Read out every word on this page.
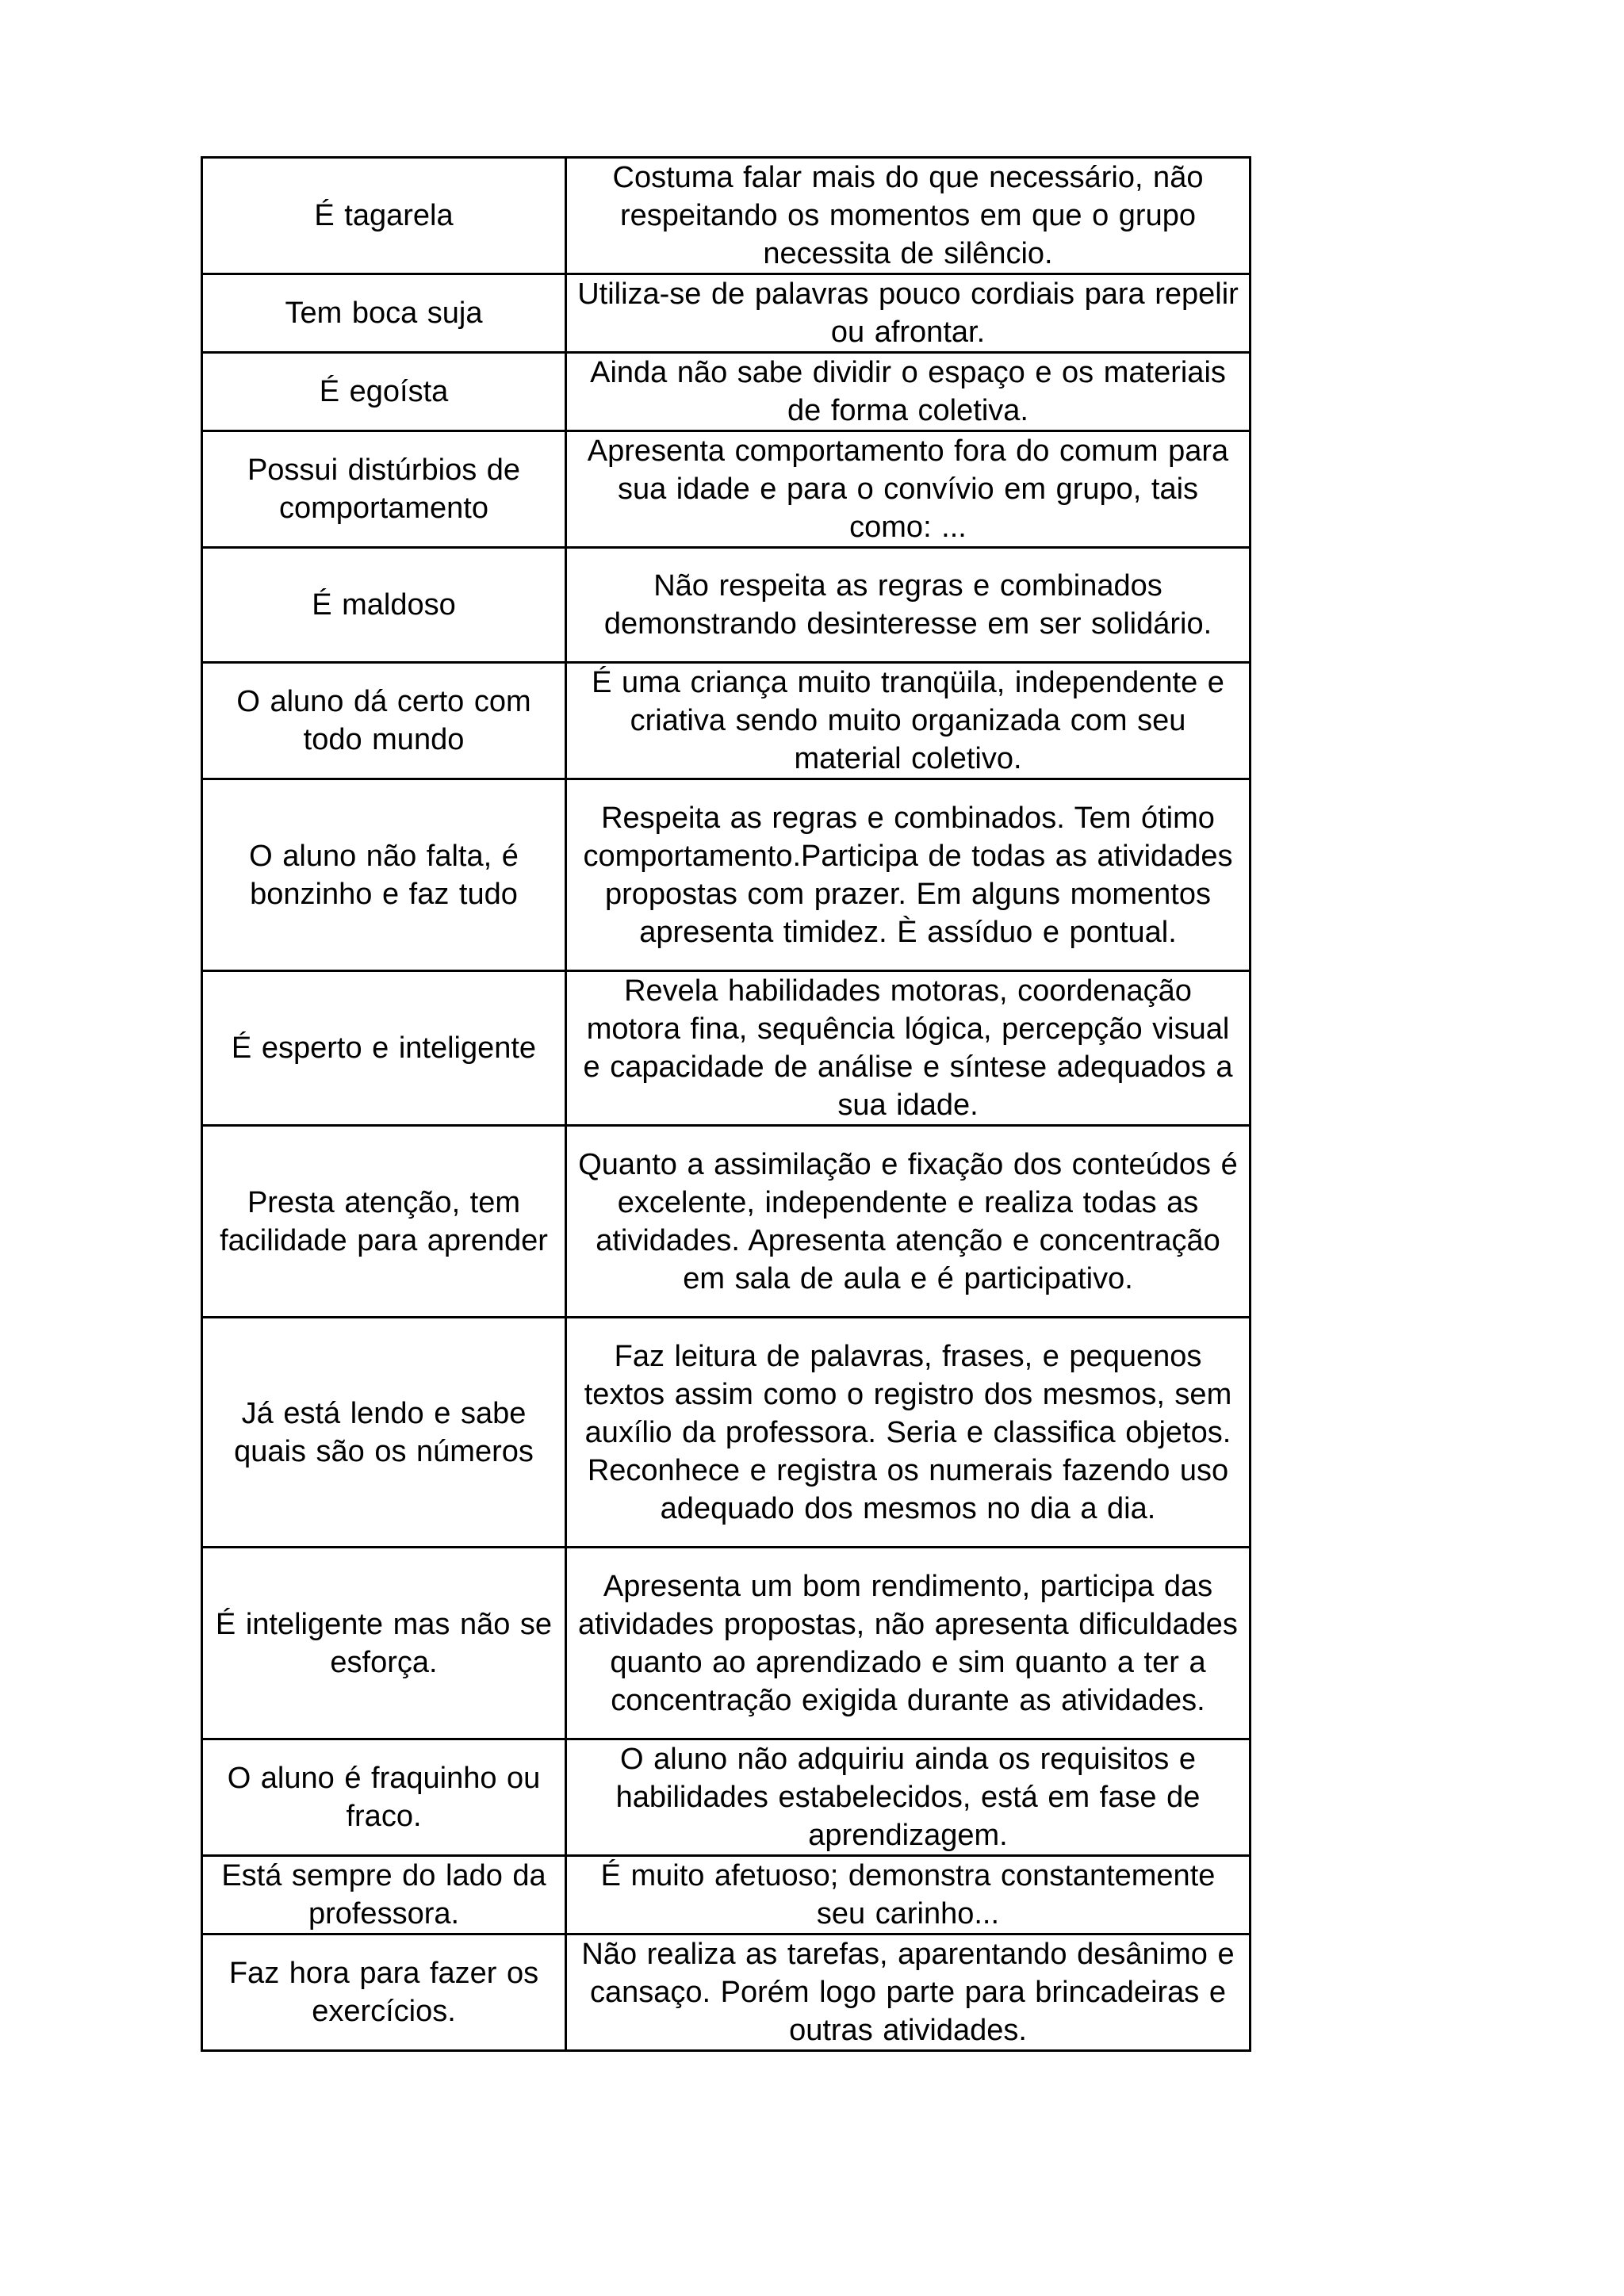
É tagarela	Costuma falar mais do que necessário, não respeitando os momentos em que o grupo necessita de silêncio.
Tem boca suja	Utiliza-se de palavras pouco cordiais para repelir ou afrontar.
É egoísta	Ainda não sabe dividir o espaço e os materiais de forma coletiva.
Possui distúrbios de comportamento	Apresenta comportamento fora do comum para sua idade e para o convívio em grupo, tais como: ...
É maldoso	Não respeita as regras e combinados demonstrando desinteresse em ser solidário.
O aluno dá certo com todo mundo	É uma criança muito tranqüila, independente e criativa sendo muito organizada com seu material coletivo.
O aluno não falta, é bonzinho e faz tudo	Respeita as regras e combinados. Tem ótimo comportamento.Participa de todas as atividades propostas com prazer. Em alguns momentos apresenta timidez. È assíduo e pontual.
É esperto e inteligente	Revela habilidades motoras, coordenação motora fina, sequência lógica, percepção visual e capacidade de análise e síntese adequados a sua idade.
Presta atenção, tem facilidade para aprender	Quanto a assimilação e fixação dos conteúdos é excelente, independente e realiza todas as atividades. Apresenta atenção e concentração em sala de aula e é participativo.
Já está lendo e sabe quais são os números	Faz leitura de palavras, frases, e pequenos textos assim como o registro dos mesmos, sem auxílio da professora. Seria e classifica objetos. Reconhece e registra os numerais fazendo uso adequado dos mesmos no dia a dia.
É inteligente mas não se esforça.	Apresenta um bom rendimento, participa das atividades propostas, não apresenta dificuldades quanto ao aprendizado e sim quanto a ter a concentração exigida durante as atividades.
O aluno é fraquinho ou fraco.	O aluno não adquiriu ainda os requisitos e habilidades estabelecidos, está em fase de aprendizagem.
Está sempre do lado da professora.	É muito afetuoso; demonstra constantemente seu carinho...
Faz hora para fazer os exercícios.	Não realiza as tarefas, aparentando desânimo e cansaço. Porém logo parte para brincadeiras e outras atividades.
